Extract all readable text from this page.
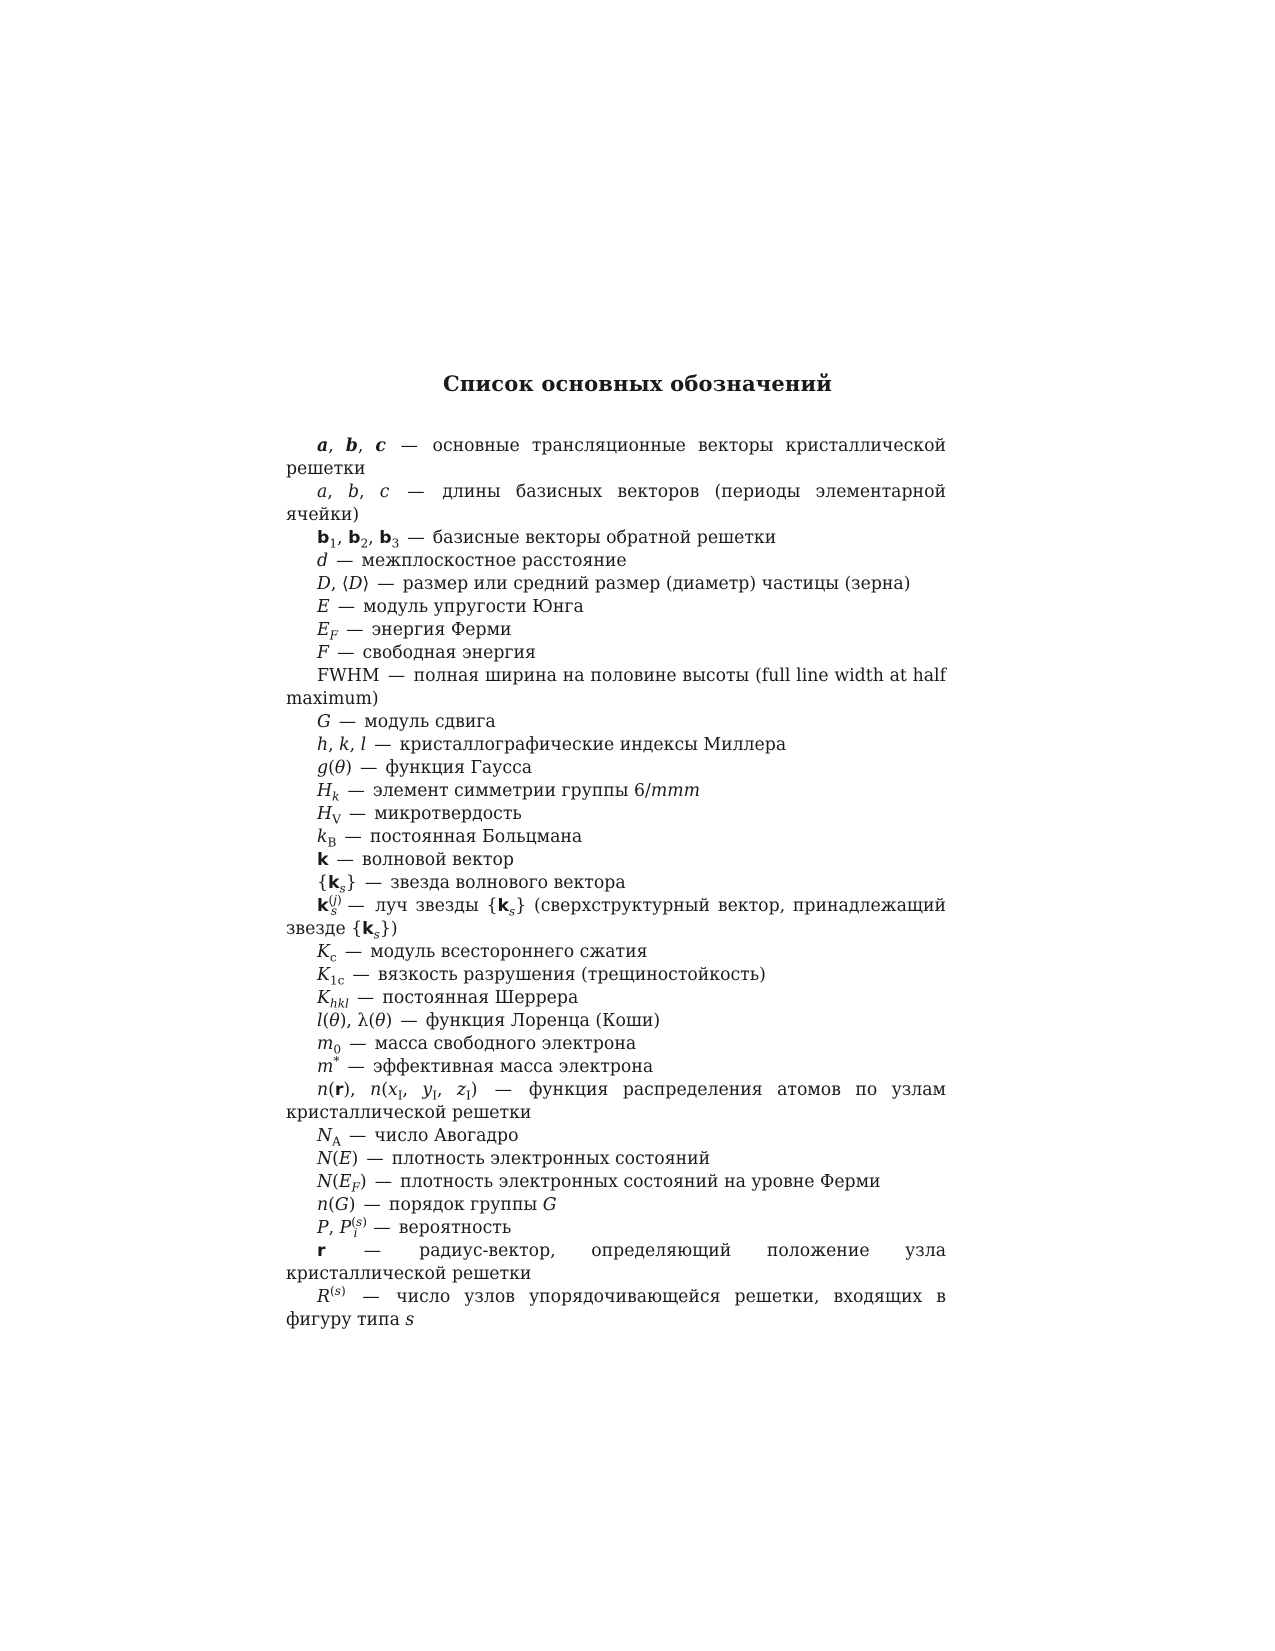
Список основных обозначений

a, b, c — основные трансляционные векторы кристаллической решетки

a, b, c — длины базисных векторов (периоды элементарной ячейки)

$b_1$, $b_2$, $b_3$ — базисные векторы обратной решетки

d — межплоскостное расстояние

D, ⟨D⟩ — размер или средний размер (диаметр) частицы (зерна)

E — модуль упругости Юнга

$E_F$ — энергия Ферми

F — свободная энергия

FWHM — полная ширина на половине высоты (full line width at half maximum)

G — модуль сдвига

h, k, l — кристаллографические индексы Миллера

g(θ) — функция Гаусса

$H_k$ — элемент симметрии группы 6/mmm

$H_V$ — микротвердость

$k_B$ — постоянная Больцмана

k — волновой вектор

$\{k_s\}$ — звезда волнового вектора

$k^{(j)}_s$ — луч звезды $\{k_s\}$ (сверхструктурный вектор, принадлежащий звезде $\{k_s\}$)

$K_c$ — модуль всестороннего сжатия

$K_{1c}$ — вязкость разрушения (трещиностойкость)

$K_{hkl}$ — постоянная Шеррера

l(θ), λ(θ) — функция Лоренца (Коши)

$m_0$ — масса свободного электрона

m* — эффективная масса электрона

n(r), $n(x_I$, $y_I$, $z_I$) — функция распределения атомов по узлам кристаллической решетки

$N_A$ — число Авогадро

N(E) — плотность электронных состояний

$N(E_F)$ — плотность электронных состояний на уровне Ферми

n(G) — порядок группы G

P, $P^{(s)}_i$ — вероятность

r — радиус-вектор, определяющий положение узла кристаллической решетки

$R^{(s)}$ — число узлов упорядочивающейся решетки, входящих в фигуру типа s
